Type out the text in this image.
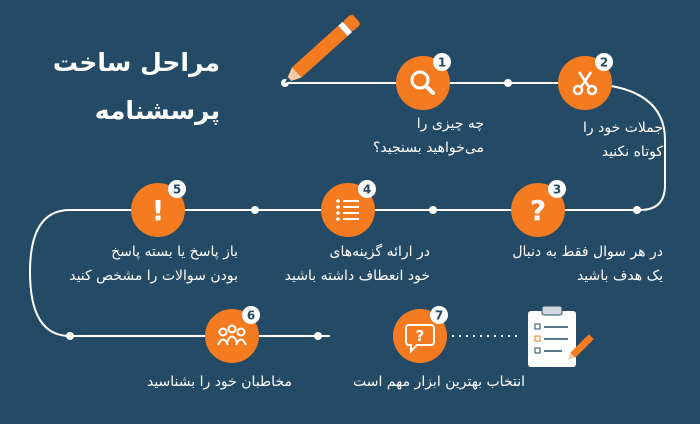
1	2
?
3
4
!
5
6
?
7
مراحل ساخت
پرسشنامه	چه چیزی را
می‌خواهید بسنجید؟
جملات خود را
کوتاه نکنید
در هر سوال فقط به دنبال
یک هدف باشید
در ارائه گزینه‌های
خود انعطاف داشته باشید
باز پاسخ یا بسته پاسخ
بودن سوالات را مشخص کنید
مخاطبان خود را بشناسید	انتخاب بهترین ابزار مهم است
